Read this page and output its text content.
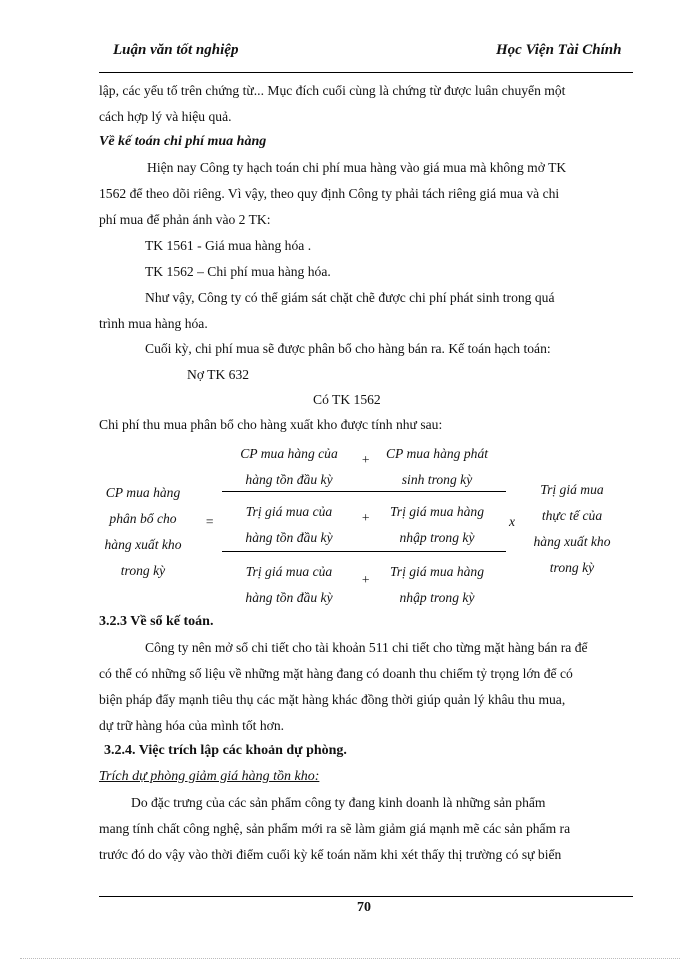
Luận văn tốt nghiệp	Học Viện Tài Chính
lập, các yếu tố trên chứng từ... Mục đích cuối cùng là chứng từ được luân chuyển một
cách hợp lý và hiệu quả.
Về kế toán chi phí mua hàng
Hiện nay Công ty hạch toán chi phí mua hàng vào giá mua mà không mở TK
1562 để theo dõi riêng. Vì vậy, theo quy định Công ty phải tách riêng giá mua và chi
phí mua để phản ánh vào 2 TK:
TK 1561 - Giá mua hàng hóa .
TK 1562 – Chi phí mua hàng hóa.
Như vậy, Công ty có thể giám sát chặt chẽ được chi phí phát sinh trong quá
trình mua hàng hóa.
Cuối kỳ, chi phí mua sẽ được phân bổ cho hàng bán ra. Kế toán hạch toán:
Nợ TK 632
Có TK 1562
Chi phí thu mua phân bổ cho hàng xuất kho được tính như sau:
CP mua hàng
phân bổ cho
hàng xuất kho
trong kỳ
=
CP mua hàng của
hàng tồn đầu kỳ
+	CP mua hàng phát
sinh trong kỳ
Trị giá mua của
hàng tồn đầu kỳ
+	Trị giá mua hàng
nhập trong kỳ
Trị giá mua của
hàng tồn đầu kỳ
+
Trị giá mua hàng
nhập trong kỳ
x
Trị giá mua
thực tế của
hàng xuất kho
trong kỳ
3.2.3 Về sổ kế toán.
Công ty nên mở sổ chi tiết cho tài khoản 511 chi tiết cho từng mặt hàng bán ra để
có thể có những số liệu về những mặt hàng đang có doanh thu chiếm tỷ trọng lớn để có
biện pháp đẩy mạnh tiêu thụ các mặt hàng khác đồng thời giúp quản lý khâu thu mua,
dự trữ hàng hóa của mình tốt hơn.
3.2.4. Việc trích lập các khoản dự phòng.
Trích dự phòng giảm giá hàng tồn kho:
Do đặc trưng của các sản phẩm công ty đang kinh doanh là những sản phẩm
mang tính chất công nghệ, sản phẩm mới ra sẽ làm giảm giá mạnh mẽ các sản phẩm ra
trước đó do vậy vào thời điểm cuối kỳ kế toán năm khi xét thấy thị trường có sự biến
70
